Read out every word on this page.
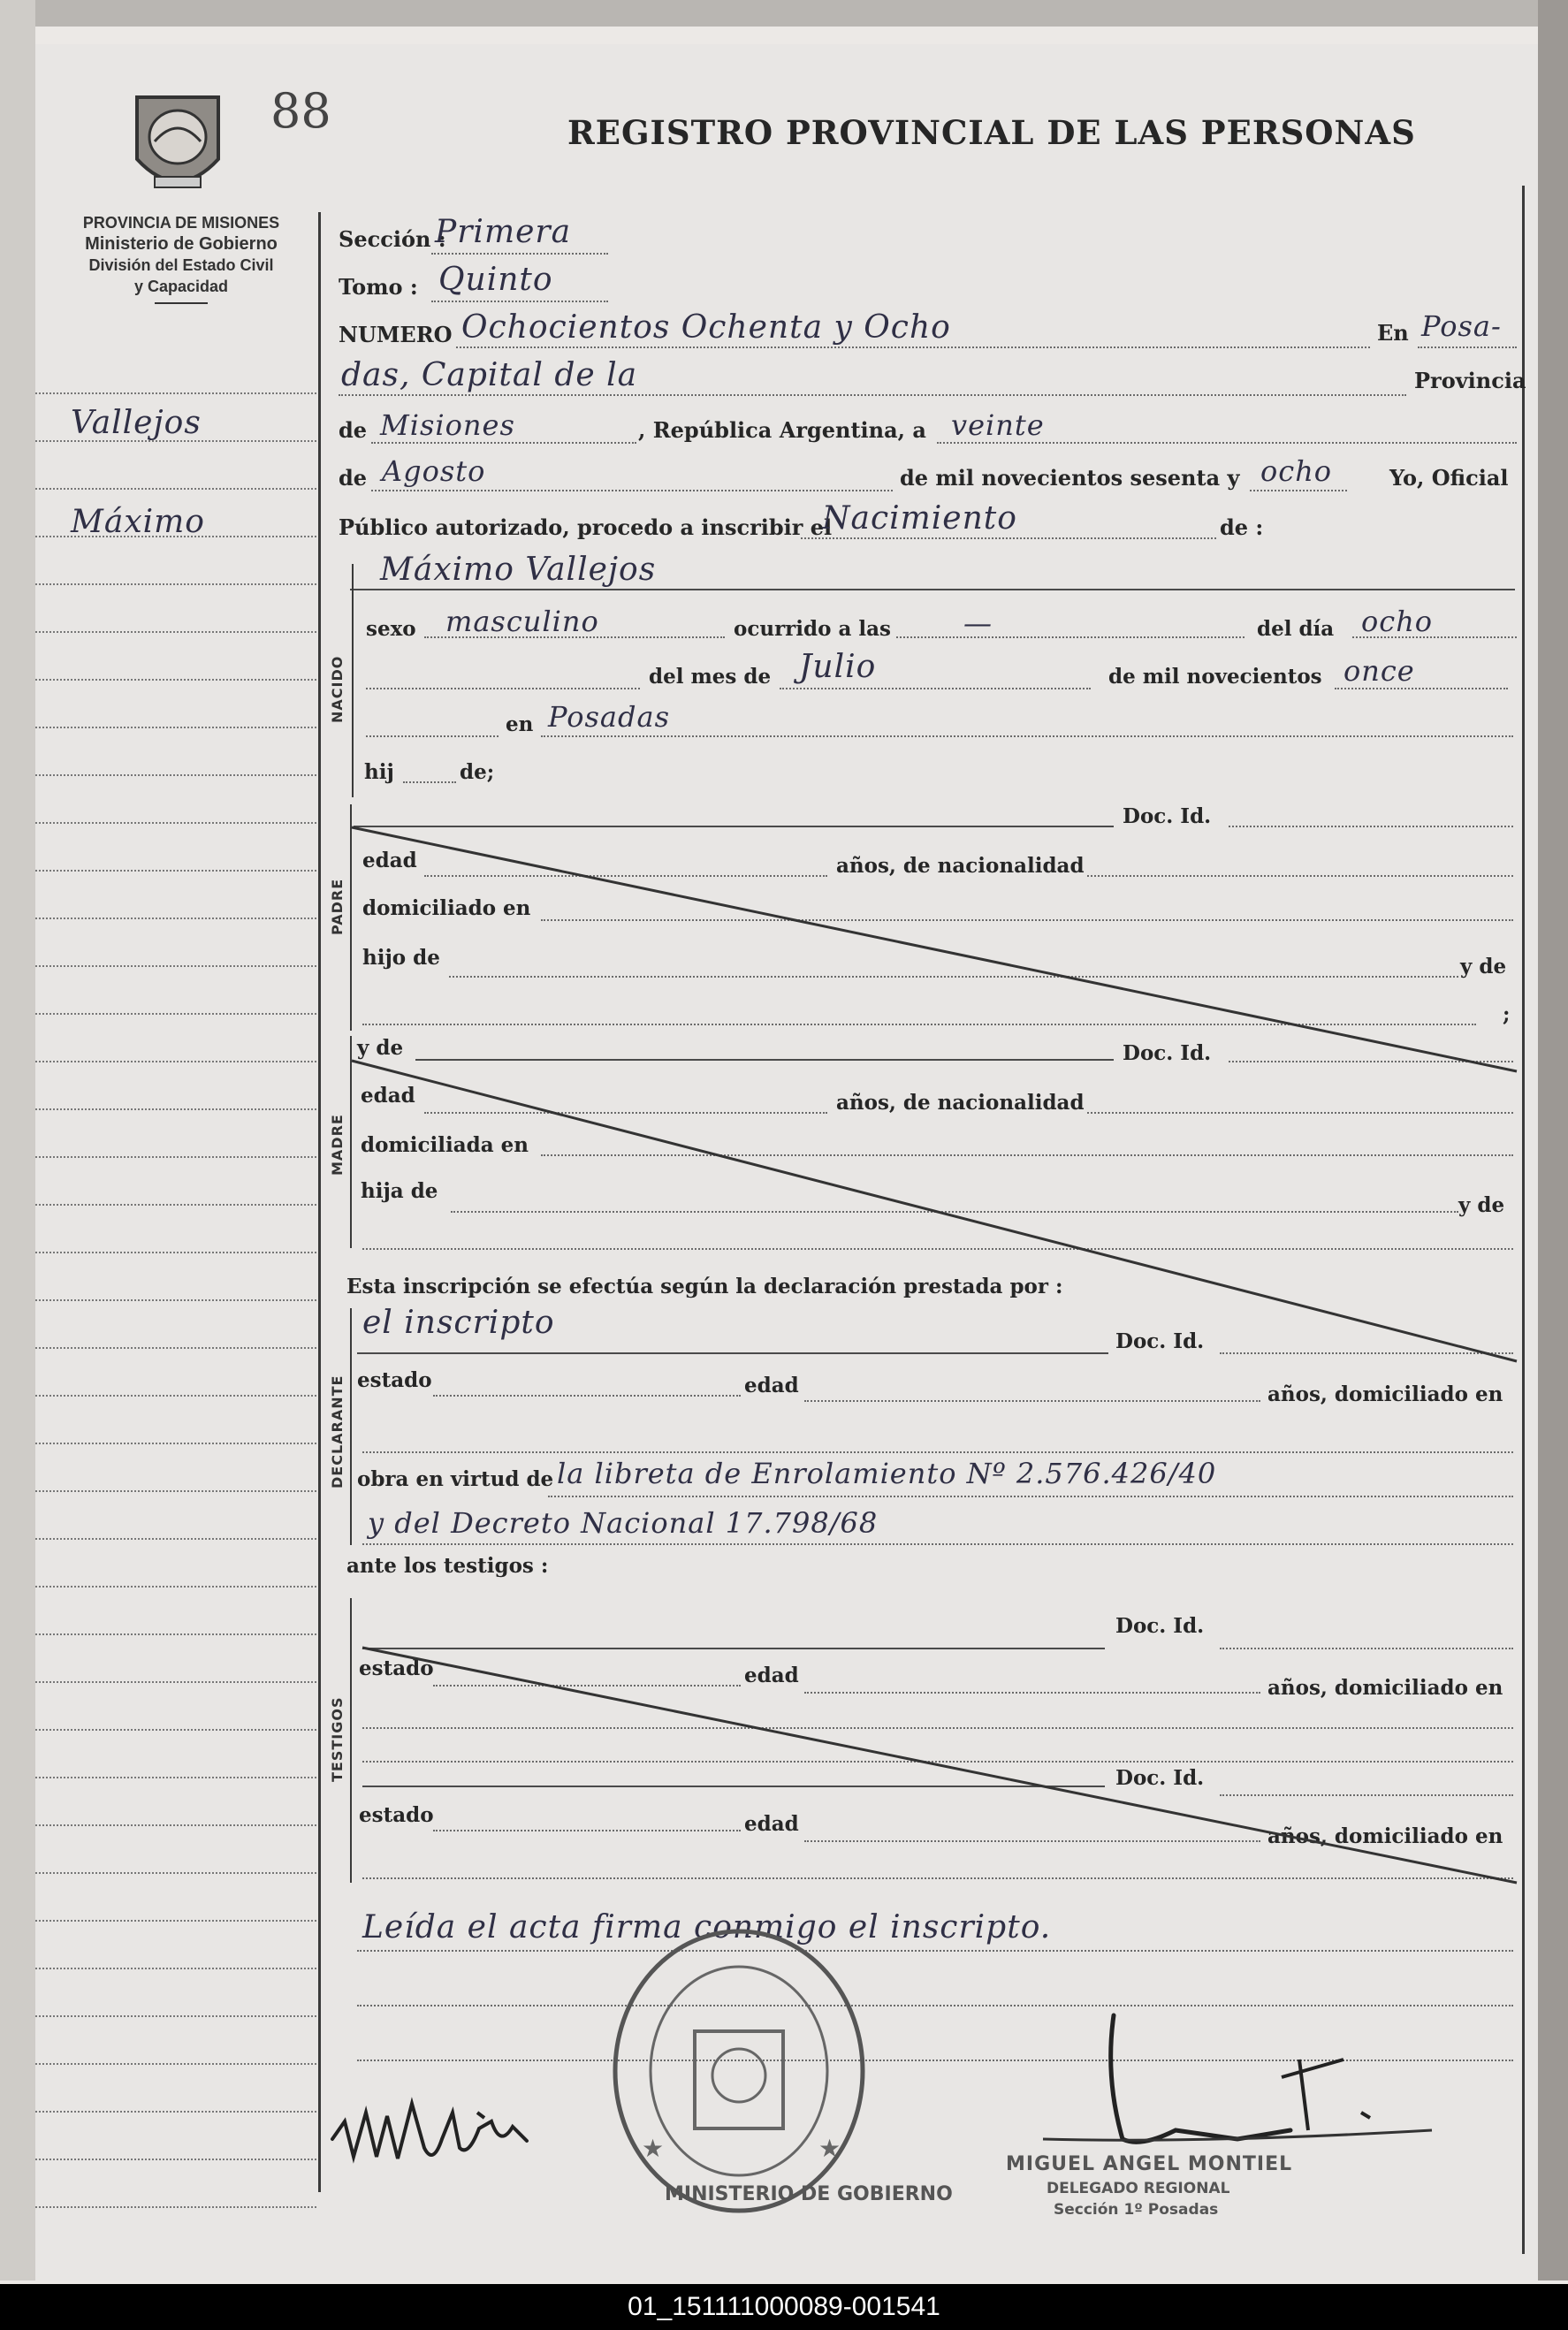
88	REGISTRO PROVINCIAL DE LAS PERSONAS
PROVINCIA DE MISIONES
Ministerio de Gobierno
División del Estado Civil
y Capacidad
Vallejos
Máximo
Sección :
Primera
Tomo : Quinto
NUMERO Ochocientos Ochenta y Ocho	En Posa-
das, Capital de la	Provincia
de Misiones	, República Argentina, a veinte
de Agosto	de mil novecientos sesenta y ocho	Yo, Oficial
Público autorizado, procedo a inscribir el
Nacimiento	de :
Máximo Vallejos
NACIDO
sexo masculino	ocurrido a las	—	del día ocho
del mes de Julio	de mil novecientos once
en Posadas
hij	de;
PADRE
Doc. Id.
edad	años, de nacionalidad
domiciliado en
hijo de	y de
;
MADRE
y de	Doc. Id.
edad	años, de nacionalidad
domiciliada en
hija de
y de
Esta inscripción se efectúa según la declaración prestada por :
DECLARANTE
el inscripto
Doc. Id.
estado	edad	años, domiciliado en
obra en virtud de la libreta de Enrolamiento Nº 2.576.426/40
y del Decreto Nacional 17.798/68
ante los testigos :
TESTIGOS
Doc. Id.
estado	edad
años, domiciliado en
Doc. Id.
estado	edad
años, domiciliado en
Leída el acta firma conmigo el inscripto.
★	★
MINISTERIO DE GOBIERNO
MIGUEL ANGEL MONTIEL
DELEGADO REGIONAL
Sección 1º Posadas
01_151111000089-001541
